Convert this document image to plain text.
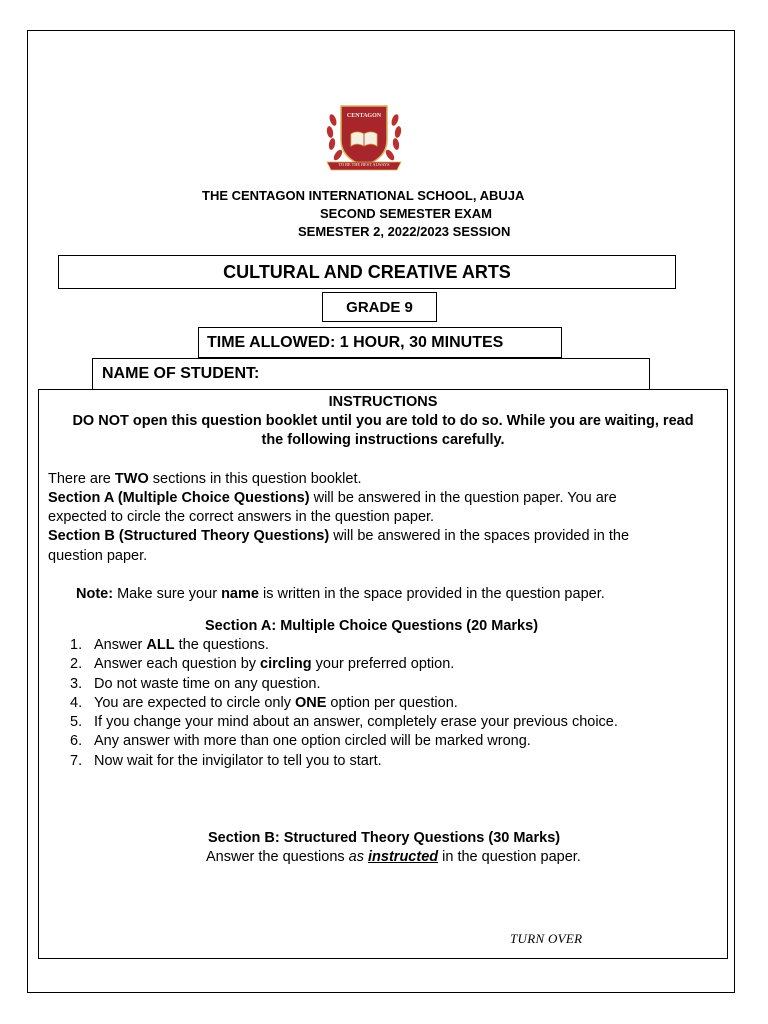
CENTAGON
TO BE THE BEST ALWAYS
THE CENTAGON INTERNATIONAL SCHOOL, ABUJA
SECOND SEMESTER EXAM
SEMESTER 2, 2022/2023 SESSION
CULTURAL AND CREATIVE ARTS
GRADE 9
TIME ALLOWED: 1 HOUR, 30 MINUTES
NAME OF STUDENT:
INSTRUCTIONS
DO NOT open this question booklet until you are told to do so. While you are waiting, read
the following instructions carefully.
There are TWO sections in this question booklet.
Section A (Multiple Choice Questions) will be answered in the question paper. You are
expected to circle the correct answers in the question paper.
Section B (Structured Theory Questions) will be answered in the spaces provided in the
question paper.
Note: Make sure your name is written in the space provided in the question paper.
Section A: Multiple Choice Questions (20 Marks)
1. Answer ALL the questions.
2. Answer each question by circling your preferred option.
3. Do not waste time on any question.
4. You are expected to circle only ONE option per question.
5. If you change your mind about an answer, completely erase your previous choice.
6. Any answer with more than one option circled will be marked wrong.
7. Now wait for the invigilator to tell you to start.
Section B: Structured Theory Questions (30 Marks)
Answer the questions as instructed in the question paper.
TURN OVER
